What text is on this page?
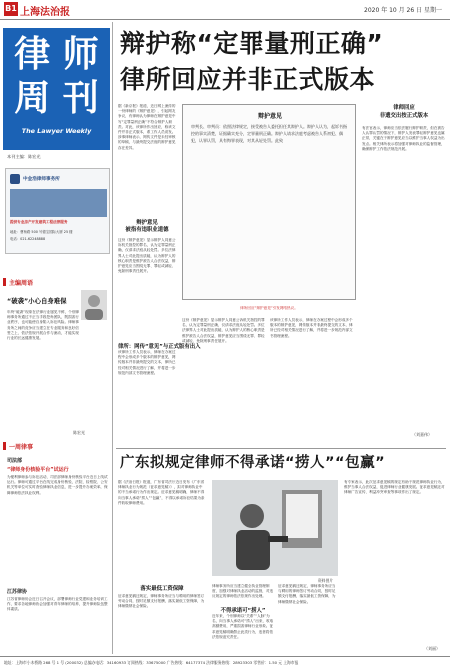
B1 上海法治报	2020 年 10 月 26 日 星期一
律 师
周 刊
The Lawyer Weekly
本刊主编：陈宏光
中金浩律师事务所
提供专业房产开发建筑工程法律服务
地址：曹杨路 500 号德宝国际大厦 25 楼
电话：021-62248888
主编周语
“破袭”小心自身难保
年终“破袭”现象在法律行业屡见不鲜，个别律师事务所通过不正当手段挖角团队，既损害行业秩序，也可能使自身陷入诉讼风险。律师事务所之间的竞争应当建立在专业服务和良好信誉之上，依法依规开展合作与流动，才能实现行业的长远健康发展。
陈宏光
一周律事
司法部
“律师身份核验平台”试运行
为便利律师参与诉讼活动，司法部律师身份核验平台近日上线试运行。律师可通过平台在线完成身份核验，法院、检察院、公安机关等单位可实时查验律师执业信息，进一步提升办案效率，保障律师依法执业权利。
江苏律协
江苏省律师协会近日召开会议，部署律师行业党建和业务培训工作，要求各地律师协会加强对青年律师的培养，提升律师队伍整体素质。
辩护称“定罪量刑正确”
律所回应并非正式版本
据《新京报》报道，近日网上流传的一份律师的《辩护意见》，引起网友争议，有律师认为律师在辩护意见中写“定罪量刑正确”不符合辩护人职责。对此，该律所作出回应，称该文件并非正式版本，系工作人员误发。涉事律师表示，网传文件是未经审核的草稿，与最终提交法庭的辩护意见存在差异。
辩护意见
被指有违职业道德
这份《辩护意见》显示辩护人同意公诉机关指控的罪名，认为定罪量刑正确，仅请求法庭从轻处罚。多位法律界人士对此提出质疑，认为辩护人的核心职责是维护被告人合法权益，辩护意见应当围绕无罪、罪轻或减轻、免除刑事责任展开。
律所：网传“意见”与正式版有出入
该律所工作人员表示，律师在办案过程中会形成多个版本的辩护意见，网传版本并非最终提交的文本，律所已经对相关情况进行了解，并将进一步规范内部文书管理流程。
辩护意见
审判长、审判员：依照法律规定，接受被告人委托担任其辩护人。辩护人认为，起诉书指控的事实清楚，证据确实充分，定罪量刑正确。辩护人请求法庭考虑被告人系初犯、偶犯，认罪认罚，具有悔罪表现，对其从轻处罚。此致
律所回应“辩护意见”引发网络热议。
这份《辩护意见》显示辩护人同意公诉机关指控的罪名，认为定罪量刑正确，仅请求法庭从轻处罚。多位法律界人士对此提出质疑，认为辩护人的核心职责是维护被告人合法权益，辩护意见应当围绕无罪、罪轻或减轻、免除刑事责任展开。
该律所工作人员表示，律师在办案过程中会形成多个版本的辩护意见，网传版本并非最终提交的文本，律所已经对相关情况进行了解，并将进一步规范内部文书管理流程。
律师回应
非遗交出按正式版本
有法官表示，律师应当依法履行辩护职责，但在被告人认罪认罚的情况下，辩护人发表罪轻辩护意见也属正常，关键在于辩护意见应当以维护当事人权益为出发点。相关律所表示将加强对律师执业的监督管理，确保辩护工作依法规范开展。
（刘嘉伟）
广东拟规定律师不得承诺“捞人”“包赢”
据《法治日报》报道，广东省司法厅近日发布《广东省律师执业行为规范（征求意见稿）》，拟对律师执业中的不当承诺行为作出规定。征求意见稿明确，律师不得向当事人承诺“捞人”“包赢”，不得以承诺诉讼结果为条件收取律师费用。
落实最低工资保障
征求意见稿还规定，律师事务所应当与聘用的律师签订劳动合同，按时足额支付报酬，落实最低工资保障，为律师缴纳社会保险。
资料图片
律师事务所应当建立健全执业管理制度，加强对律师执业活动的监督，对违反规定的律师依法依规作出处理。
不得承诺可“捞人”
近年来，个别律师以“关系”“人脉”为名，向当事人承诺可“捞人”出来，收取高额费用，严重损害律师行业形象。征求意见稿明确禁止此类行为，违者将依法依规追究责任。
征求意见稿还规定，律师事务所应当与聘用的律师签订劳动合同，按时足额支付报酬，落实最低工资保障，为律师缴纳社会保险。
有专家表示，此次征求意见稿的规定有助于规范律师执业行为，维护当事人合法权益，促进律师行业健康发展。征求意见稿还对律师广告宣传、利益冲突审查等事项作出了规定。
（刘丽）
地址：上海市小木桥路 268 号 1 号 (200032) 总编办电话：34160933 订阅热线：33675000 广告热线：64177374 法律服务热线：28923303 零售价：1.50 元 上海市报
